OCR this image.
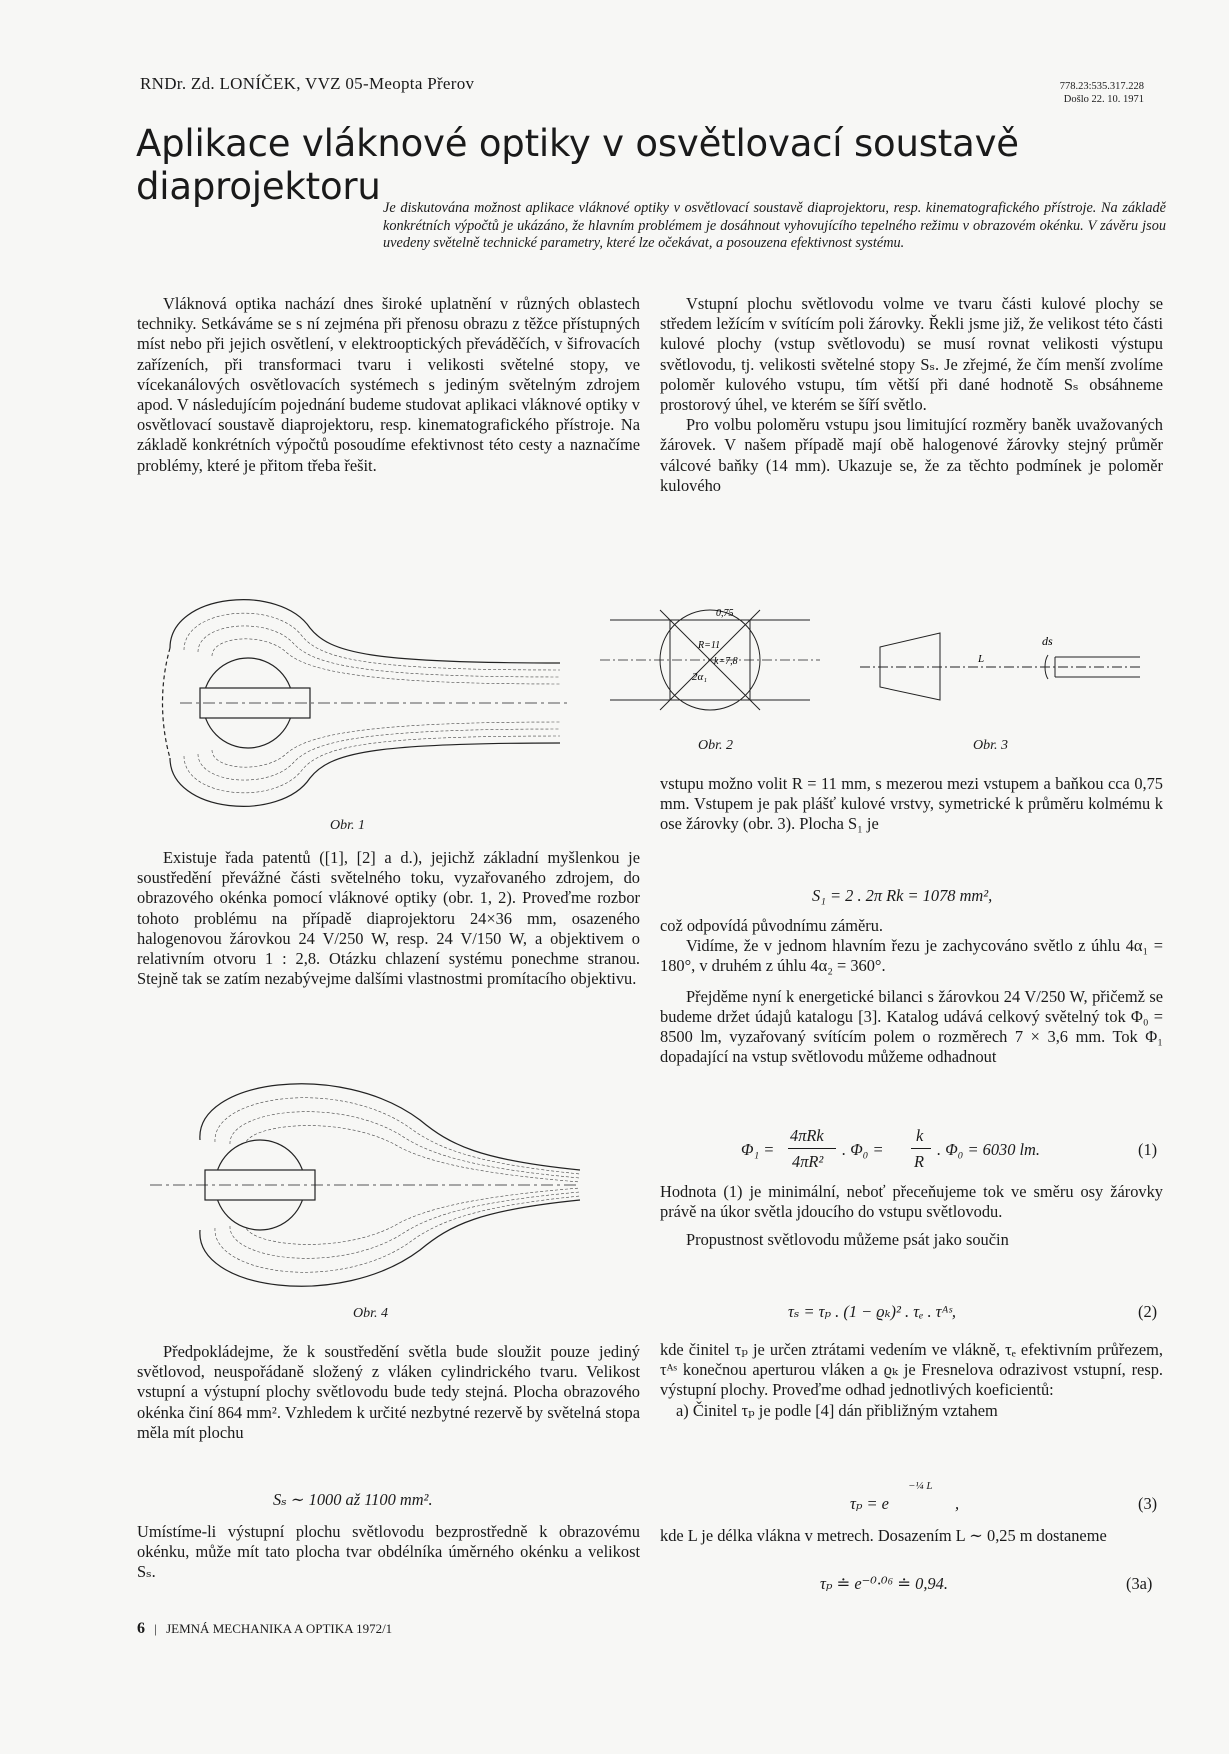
RNDr. Zd. LONÍČEK, VVZ 05-Meopta Přerov	778.23:535.317.228
Došlo 22. 10. 1971
Aplikace vláknové optiky v osvětlovací soustavě diaprojektoru Je diskutována možnost aplikace vláknové optiky v osvětlovací soustavě diaprojektoru, resp. kinematografického přístroje. Na základě konkrétních výpočtů je ukázáno, že hlavním problémem je dosáhnout vyhovujícího tepelného režimu v obrazovém okénku. V závěru jsou uvedeny světelně technické parametry, které lze očekávat, a posouzena efektivnost systému.

Vláknová optika nachází dnes široké uplatnění v různých oblastech techniky. Setkáváme se s ní zejména při přenosu obrazu z těžce přístupných míst nebo při jejich osvětlení, v elektrooptických převáděčích, v šifrovacích zařízeních, při transformaci tvaru i velikosti světelné stopy, ve vícekanálových osvětlovacích systémech s jediným světelným zdrojem apod. V následujícím pojednání budeme studovat aplikaci vláknové optiky v osvětlovací soustavě diaprojektoru, resp. kinematografického přístroje. Na základě konkrétních výpočtů posoudíme efektivnost této cesty a naznačíme problémy, které je přitom třeba řešit.

Obr. 1

Existuje řada patentů ([1], [2] a d.), jejichž základní myšlenkou je soustředění převážné části světelného toku, vyzařovaného zdrojem, do obrazového okénka pomocí vláknové optiky (obr. 1, 2). Proveďme rozbor tohoto problému na případě diaprojektoru 24×36 mm, osazeného halogenovou žárovkou 24 V/250 W, resp. 24 V/150 W, a objektivem o relativním otvoru 1 : 2,8. Otázku chlazení systému ponechme stranou. Stejně tak se zatím nezabývejme dalšími vlastnostmi promítacího objektivu.

Obr. 4

Předpokládejme, že k soustředění světla bude sloužit pouze jediný světlovod, neuspořádaně složený z vláken cylindrického tvaru. Velikost vstupní a výstupní plochy světlovodu bude tedy stejná. Plocha obrazového okénka činí 864 mm². Vzhledem k určité nezbytné rezervě by světelná stopa měla mít plochu

Sₛ ∼ 1000 až 1100 mm².

Umístíme-li výstupní plochu světlovodu bezprostředně k obrazovému okénku, může mít tato plocha tvar obdélníka úměrného okénku a velikost Sₛ.

Vstupní plochu světlovodu volme ve tvaru části kulové plochy se středem ležícím v svítícím poli žárovky. Řekli jsme již, že velikost této části kulové plochy (vstup světlovodu) se musí rovnat velikosti výstupu světlovodu, tj. velikosti světelné stopy Sₛ. Je zřejmé, že čím menší zvolíme poloměr kulového vstupu, tím větší při dané hodnotě Sₛ obsáhneme prostorový úhel, ve kterém se šíří světlo.

Pro volbu poloměru vstupu jsou limitující rozměry baněk uvažovaných žárovek. V našem případě mají obě halogenové žárovky stejný průměr válcové baňky (14 mm). Ukazuje se, že za těchto podmínek je poloměr kulového

0,75
R=11
k=7,8
2α₁
Obr. 2
L
ds
Obr. 3

vstupu možno volit R = 11 mm, s mezerou mezi vstupem a baňkou cca 0,75 mm. Vstupem je pak plášť kulové vrstvy, symetrické k průměru kolmému k ose žárovky (obr. 3). Plocha S₁ je

S₁ = 2 . 2π Rk = 1078 mm²,

což odpovídá původnímu záměru.

Vidíme, že v jednom hlavním řezu je zachycováno světlo z úhlu 4α₁ = 180°, v druhém z úhlu 4α₂ = 360°.

Přejděme nyní k energetické bilanci s žárovkou 24 V/250 W, přičemž se budeme držet údajů katalogu [3]. Katalog udává celkový světelný tok Φ₀ = 8500 lm, vyzařovaný svítícím polem o rozměrech 7 × 3,6 mm. Tok Φ₁ dopadající na vstup světlovodu můžeme odhadnout

Φ₁ =
4πRk
4πR²
. Φ₀ =
k
R
. Φ₀ = 6030 lm.	(1)

Hodnota (1) je minimální, neboť přeceňujeme tok ve směru osy žárovky právě na úkor světla jdoucího do vstupu světlovodu.

Propustnost světlovodu můžeme psát jako součin

τₛ = τₚ . (1 − ϱₖ)² . τₑ . τᴬˢ,	(2)

kde činitel τₚ je určen ztrátami vedením ve vlákně, τₑ efektivním průřezem, τᴬˢ konečnou aperturou vláken a ϱₖ je Fresnelova odrazivost vstupní, resp. výstupní plochy. Proveďme odhad jednotlivých koeficientů:

a) Činitel τₚ je podle [4] dán přibližným vztahem

τₚ = e
−¼ L
,	(3)

kde L je délka vlákna v metrech. Dosazením L ∼ 0,25 m dostaneme

τₚ ≐ e⁻⁰·⁰⁶ ≐ 0,94.	(3a)
6 | JEMNÁ MECHANIKA A OPTIKA 1972/1
